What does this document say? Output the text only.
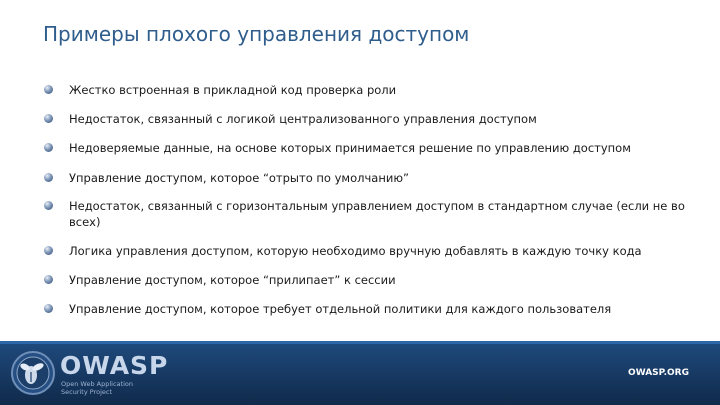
Примеры плохого управления доступом
Жестко встроенная в прикладной код проверка роли
Недостаток, связанный с логикой централизованного управления доступом
Недоверяемые данные, на основе которых принимается решение по управлению доступом
Управление доступом, которое “отрыто по умолчанию”
Недостаток, связанный с горизонтальным управлением доступом в стандартном случае (если не во всех)
Логика управления доступом, которую необходимо вручную добавлять в каждую точку кода
Управление доступом, которое “прилипает” к сессии
Управление доступом, которое требует отдельной политики для каждого пользователя
OWASP
Open Web Application
Security Project
OWASP.ORG
